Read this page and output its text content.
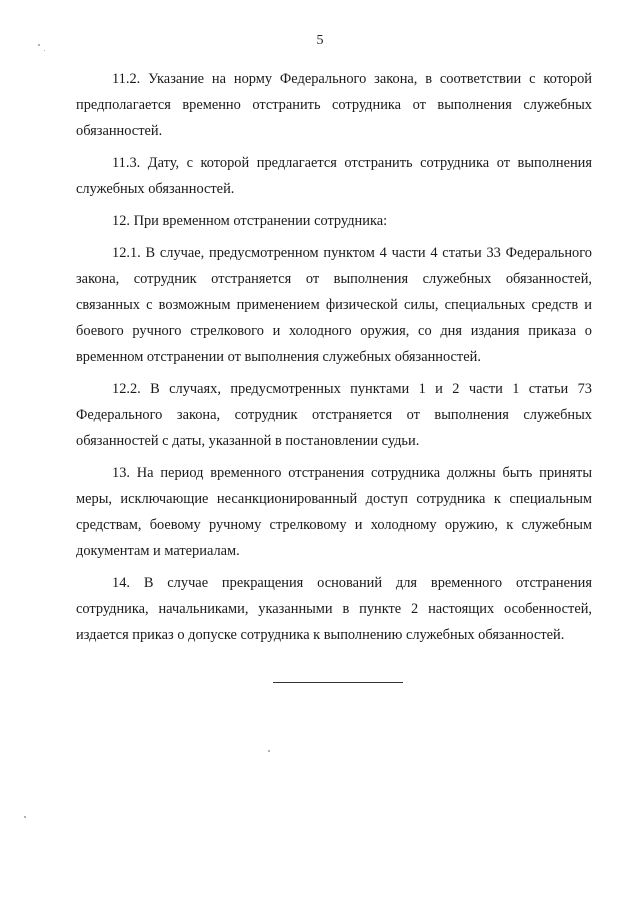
5

11.2. Указание на норму Федерального закона, в соответствии с которой предполагается временно отстранить сотрудника от выполнения служебных обязанностей.

11.3. Дату, с которой предлагается отстранить сотрудника от выполнения служебных обязанностей.

12. При временном отстранении сотрудника:

12.1. В случае, предусмотренном пунктом 4 части 4 статьи 33 Федерального закона, сотрудник отстраняется от выполнения служебных обязанностей, связанных с возможным применением физической силы, специальных средств и боевого ручного стрелкового и холодного оружия, со дня издания приказа о временном отстранении от выполнения служебных обязанностей.

12.2. В случаях, предусмотренных пунктами 1 и 2 части 1 статьи 73 Федерального закона, сотрудник отстраняется от выполнения служебных обязанностей с даты, указанной в постановлении судьи.

13. На период временного отстранения сотрудника должны быть приняты меры, исключающие несанкционированный доступ сотрудника к специальным средствам, боевому ручному стрелковому и холодному оружию, к служебным документам и материалам.

14. В случае прекращения оснований для временного отстранения сотрудника, начальниками, указанными в пункте 2 настоящих особенностей, издается приказ о допуске сотрудника к выполнению служебных обязанностей.
